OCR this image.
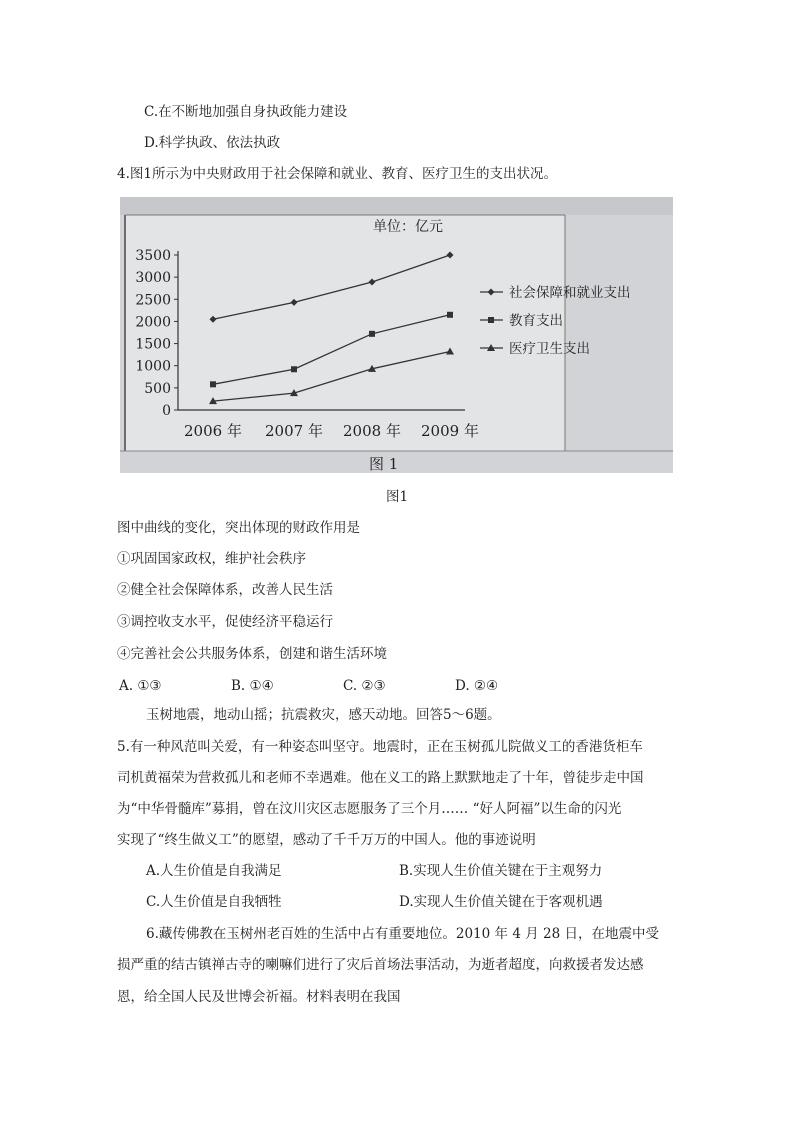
C.在不断地加强自身执政能力建设
D.科学执政、依法执政
4.图1所示为中央财政用于社会保障和就业、教育、医疗卫生的支出状况。
0
500
1000
1500
2000
2500
3000
3500
2006 年 2007 年 2008 年 2009 年
社会保障和就业支出
教育支出
医疗卫生支出
单位：亿元
图 1
图1
图中曲线的变化，突出体现的财政作用是
①巩固国家政权，维护社会秩序
②健全社会保障体系，改善人民生活
③调控收支水平，促使经济平稳运行
④完善社会公共服务体系，创建和谐生活环境
A. ①③	B. ①④	C. ②③	D. ②④
玉树地震，地动山摇；抗震救灾，感天动地。回答5～6题。
5.有一种风范叫关爱，有一种姿态叫坚守。地震时，正在玉树孤儿院做义工的香港货柜车
司机黄福荣为营救孤儿和老师不幸遇难。他在义工的路上默默地走了十年，曾徒步走中国
为“中华骨髓库”募捐，曾在汶川灾区志愿服务了三个月…… “好人阿福”以生命的闪光
实现了“终生做义工”的愿望，感动了千千万万的中国人。他的事迹说明
A.人生价值是自我满足	B.实现人生价值关键在于主观努力
C.人生价值是自我牺牲	D.实现人生价值关键在于客观机遇
6.藏传佛教在玉树州老百姓的生活中占有重要地位。2010 年 4 月 28 日，在地震中受
损严重的结古镇禅古寺的喇嘛们进行了灾后首场法事活动，为逝者超度，向救援者发达感
恩，给全国人民及世博会祈福。材料表明在我国
